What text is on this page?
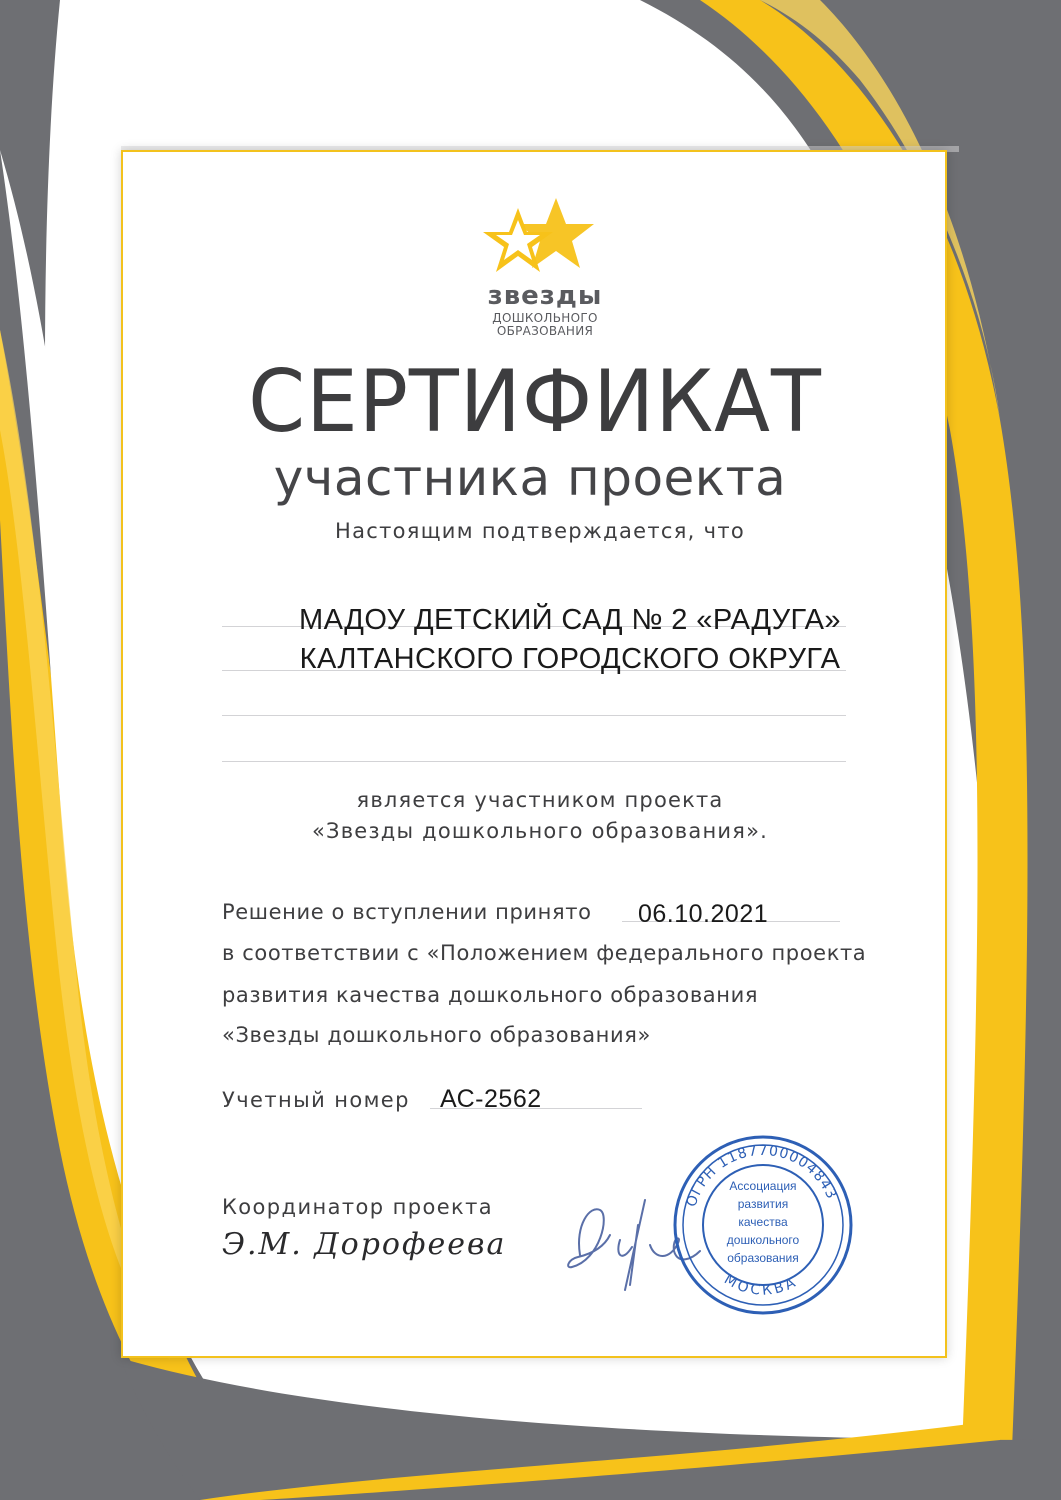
звезды
ДОШКОЛЬНОГО
ОБРАЗОВАНИЯ
СЕРТИФИКАТ
участника проекта
Настоящим подтверждается, что
МАДОУ ДЕТСКИЙ САД № 2 «РАДУГА»
КАЛТАНСКОГО ГОРОДСКОГО ОКРУГА
является участником проекта
«Звезды дошкольного образования».
Решение о вступлении принято 06.10.2021
в соответствии с «Положением федерального проекта
развития качества дошкольного образования
«Звезды дошкольного образования»
Учетный номер АС-2562
Координатор проекта
Э.М. Дорофеева
ОГРН 1187700004843
МОСКВА
Ассоциация
развития
качества
дошкольного
образования
